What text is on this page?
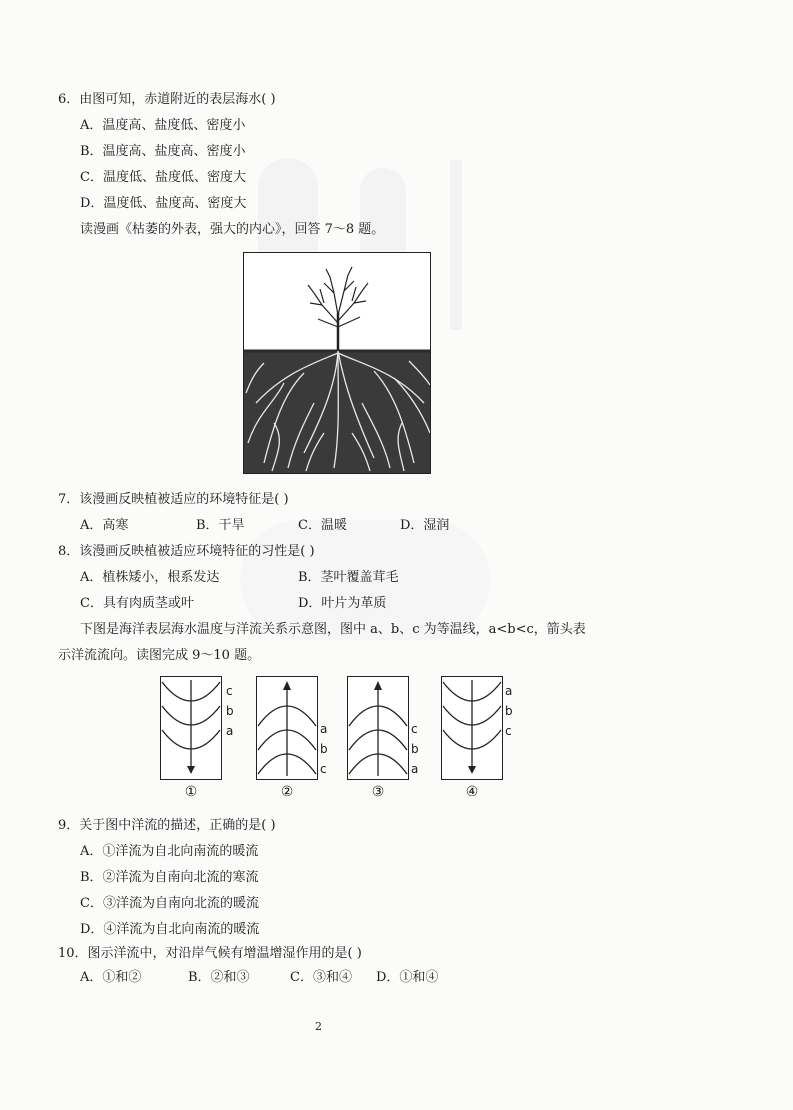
6．由图可知，赤道附近的表层海水( )
A．温度高、盐度低、密度小
B．温度高、盐度高、密度小
C．温度低、盐度低、密度大
D．温度低、盐度高、密度大
读漫画《枯萎的外表，强大的内心》，回答 7～8 题。
7．该漫画反映植被适应的环境特征是( )
A．高寒	B．干旱	C．温暖	D．湿润
8．该漫画反映植被适应环境特征的习性是( )
A．植株矮小，根系发达	B．茎叶覆盖茸毛
C．具有肉质茎或叶	D．叶片为革质
下图是海洋表层海水温度与洋流关系示意图，图中 a、b、c 为等温线，a<b<c，箭头表
示洋流流向。读图完成 9～10 题。
c
b
a
①
a
b
c
②
c
b
a
③
a
b
c
④
9．关于图中洋流的描述，正确的是( )
A．①洋流为自北向南流的暖流
B．②洋流为自南向北流的寒流
C．③洋流为自南向北流的暖流
D．④洋流为自北向南流的暖流
10．图示洋流中，对沿岸气候有增温增湿作用的是( )
A．①和②	B．②和③	C．③和④ D．①和④
2
